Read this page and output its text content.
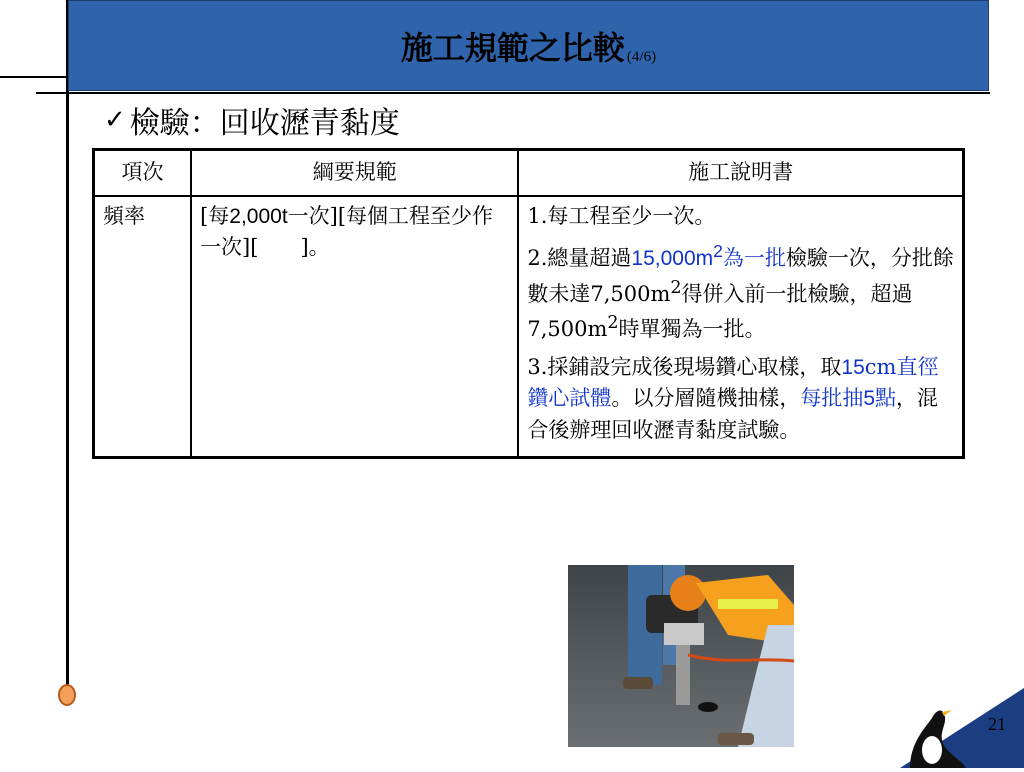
施工規範之比較 (4/6)
✓ 檢驗：回收瀝青黏度
項次	綱要規範	施工說明書
頻率	[每2,000t一次][每個工程至少作一次][　　]。	1.每工程至少一次。

2.總量超過$15,000m^2$為一批檢驗一次，分批餘數未達$7,500m^2$得併入前一批檢驗，超過$7,500m^2$時單獨為一批。

3.採鋪設完成後現場鑽心取樣，取15cm直徑鑽心試體。以分層隨機抽樣，每批抽5點，混合後辦理回收瀝青黏度試驗。

21
